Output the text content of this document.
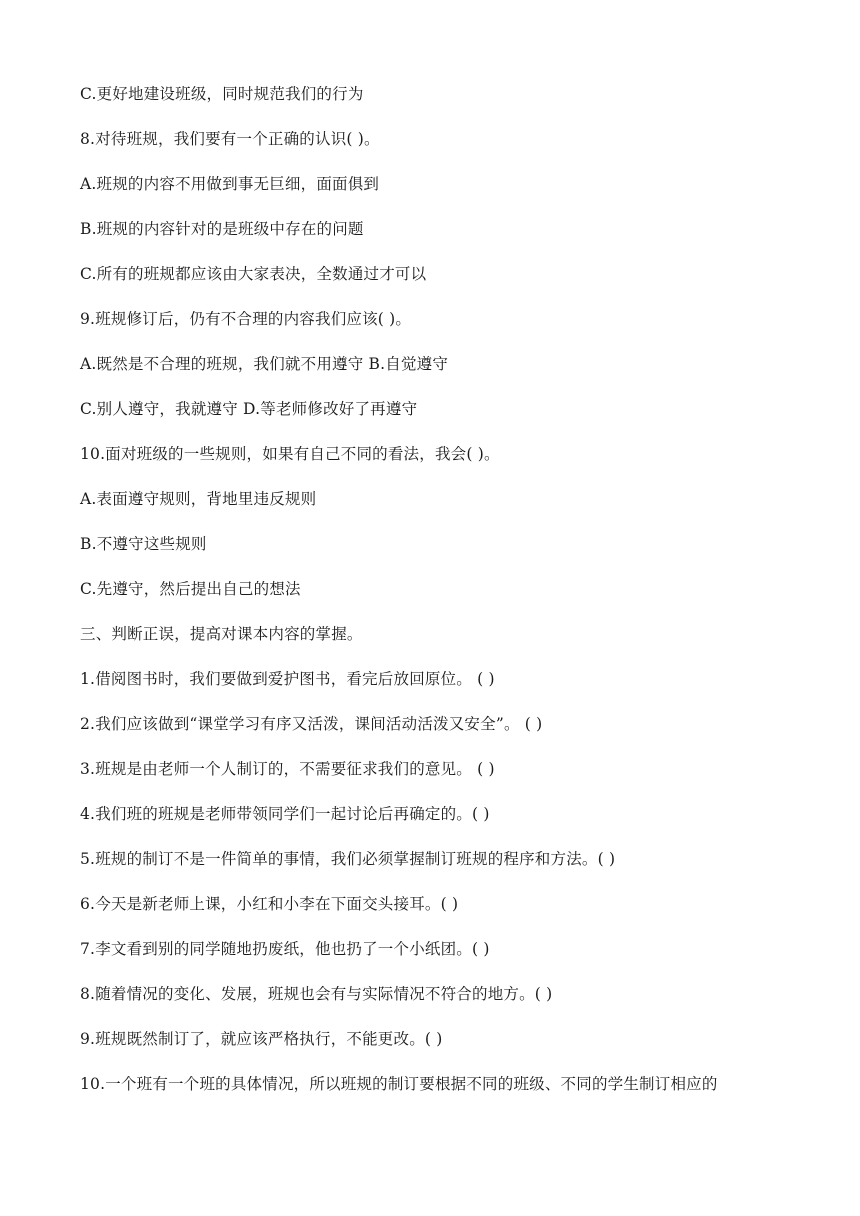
C.更好地建设班级，同时规范我们的行为
8.对待班规，我们要有一个正确的认识( )。
A.班规的内容不用做到事无巨细，面面俱到
B.班规的内容针对的是班级中存在的问题
C.所有的班规都应该由大家表决，全数通过才可以
9.班规修订后，仍有不合理的内容我们应该( )。
A.既然是不合理的班规，我们就不用遵守 B.自觉遵守
C.别人遵守，我就遵守 D.等老师修改好了再遵守
10.面对班级的一些规则，如果有自己不同的看法，我会( )。
A.表面遵守规则，背地里违反规则
B.不遵守这些规则
C.先遵守，然后提出自己的想法
三、判断正误，提高对课本内容的掌握。
1.借阅图书时，我们要做到爱护图书，看完后放回原位。 ( )
2.我们应该做到“课堂学习有序又活泼，课间活动活泼又安全”。 ( )
3.班规是由老师一个人制订的，不需要征求我们的意见。 ( )
4.我们班的班规是老师带领同学们一起讨论后再确定的。( )
5.班规的制订不是一件简单的事情，我们必须掌握制订班规的程序和方法。( )
6.今天是新老师上课，小红和小李在下面交头接耳。( )
7.李文看到别的同学随地扔废纸，他也扔了一个小纸团。( )
8.随着情况的变化、发展，班规也会有与实际情况不符合的地方。( )
9.班规既然制订了，就应该严格执行，不能更改。( )
10.一个班有一个班的具体情况，所以班规的制订要根据不同的班级、不同的学生制订相应的
